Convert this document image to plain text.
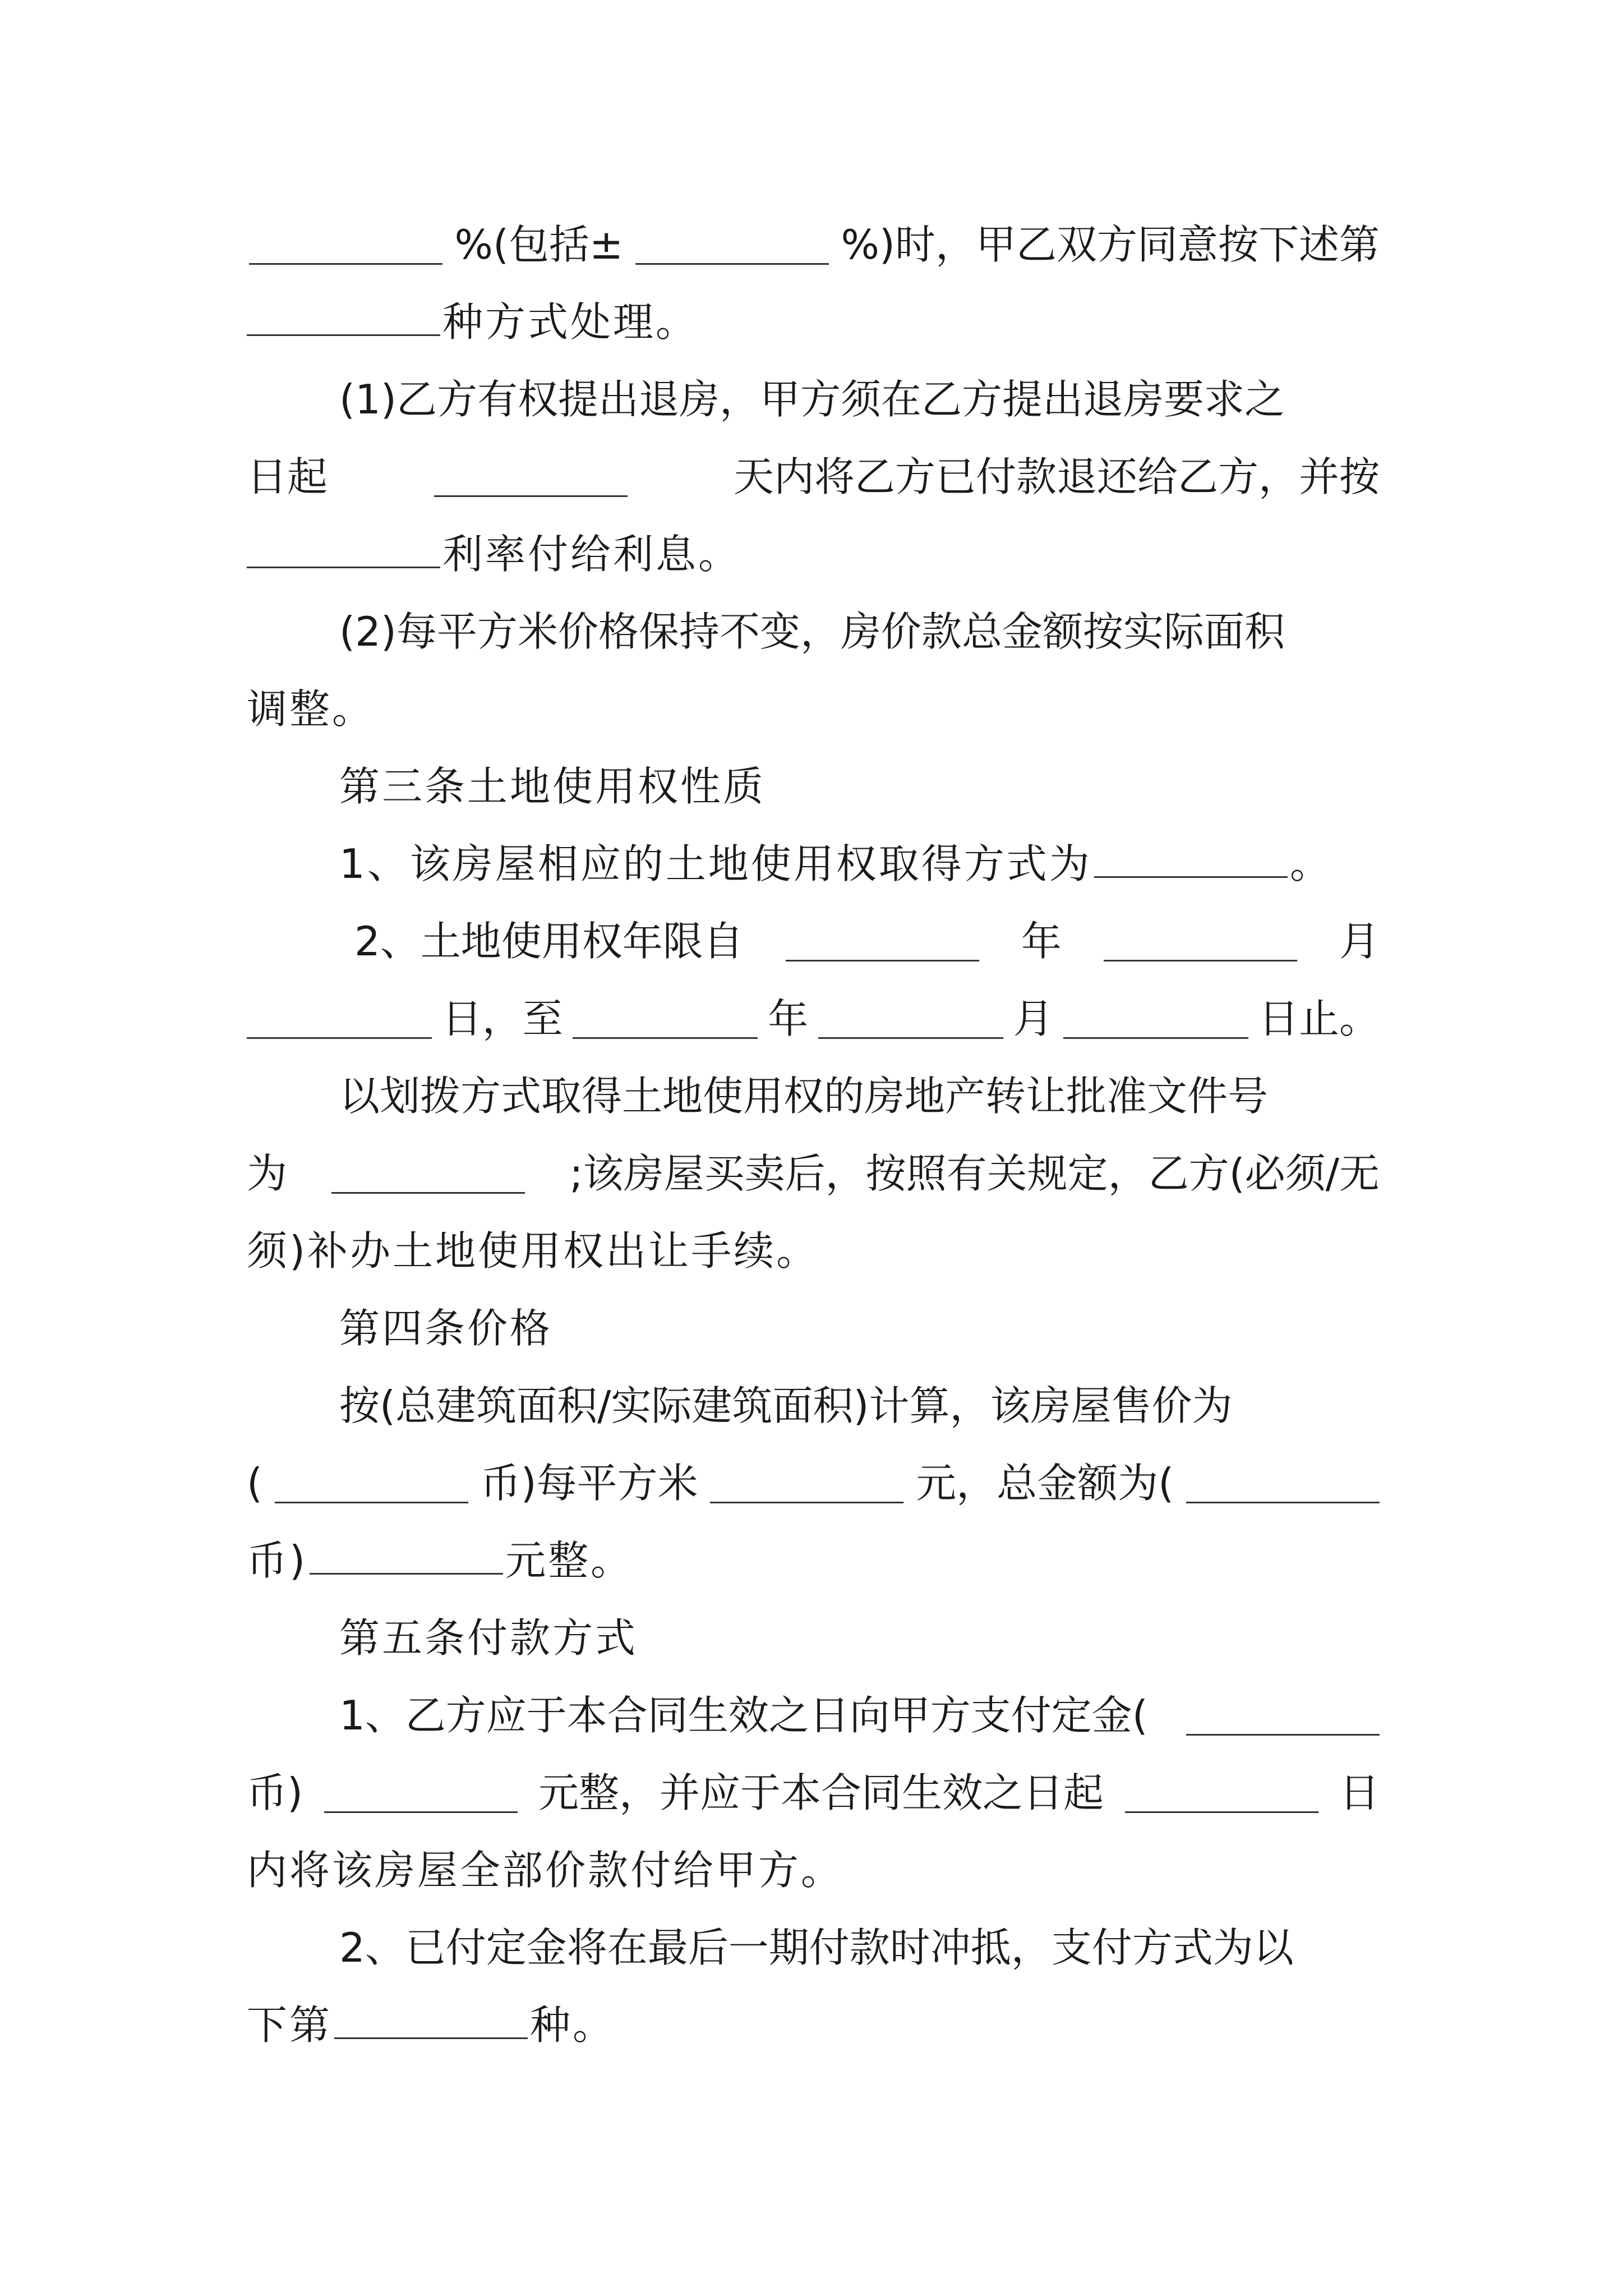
%(包括±	%)时，甲乙双方同意按下述第
种方式处理。
(1)乙方有权提出退房，甲方须在乙方提出退房要求之
日起	天内将乙方已付款退还给乙方，并按
利率付给利息。
(2)每平方米价格保持不变，房价款总金额按实际面积
调整。
第三条土地使用权性质
1、该房屋相应的土地使用权取得方式为	。
2、土地使用权年限自	年	月
日，至	年	月	日止。
以划拨方式取得土地使用权的房地产转让批准文件号
为	;该房屋买卖后，按照有关规定，乙方(必须/无
须)补办土地使用权出让手续。
第四条价格
按(总建筑面积/实际建筑面积)计算，该房屋售价为
(	币)每平方米	元，总金额为(
币)	元整。
第五条付款方式
1、乙方应于本合同生效之日向甲方支付定金(
币)	元整，并应于本合同生效之日起	日
内将该房屋全部价款付给甲方。
2、已付定金将在最后一期付款时冲抵，支付方式为以
下第	种。
